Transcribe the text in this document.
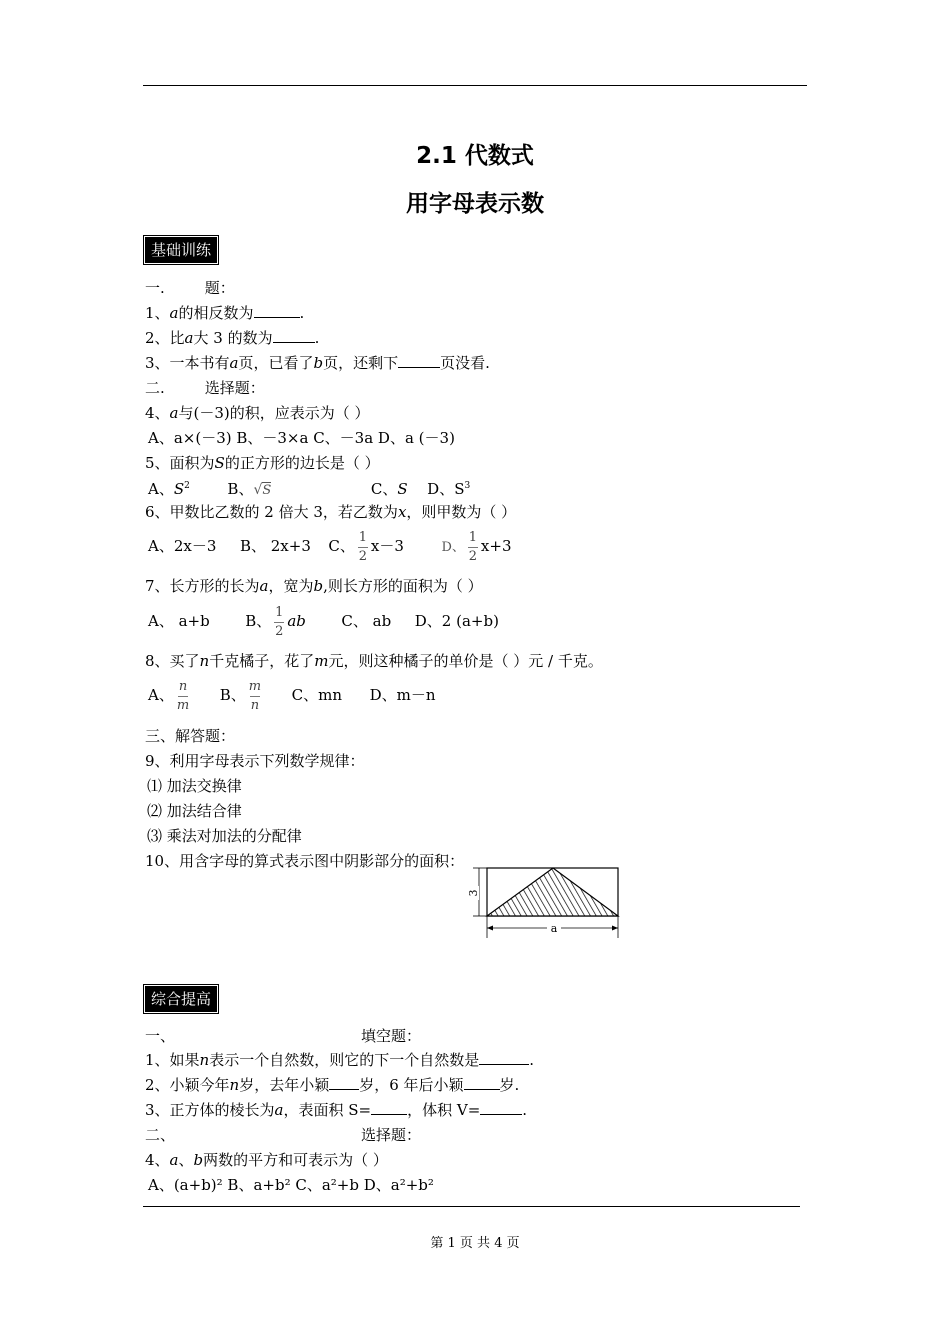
2.1 代数式
用字母表示数
基础训练
一.	题：
1、a的相反数为	.
2、比a大 3 的数为	.
3、一本书有a页，已看了b页，还剩下	页没看.
二.	选择题：
4、a与(－3)的积，应表示为（ ）
A、a×(－3) B、－3×a C、－3a D、a (－3)
5、面积为S的正方形的边长是（ ）
A、$S^2$	B、√S	C、S D、$S^3$
6、甲数比乙数的 2 倍大 3，若乙数为x，则甲数为（ ）
A、2x－3 B、 2x+3 C、 $\frac{1}{2} x-3$	D、 $\frac{1}{2} x+3$
7、长方形的长为a，宽为b,则长方形的面积为（ ）
A、 a+b B、 $\frac{1}{2}$ ab C、 ab D、2 (a+b)
8、买了n千克橘子，花了m元，则这种橘子的单价是（ ）元 / 千克。
A、 $\frac{n}{m}$ B、 $\frac{m}{n}$ C、mn D、m－n
三、解答题：
9、利用字母表示下列数学规律：
⑴ 加法交换律
⑵ 加法结合律
⑶ 乘法对加法的分配律
10、用含字母的算式表示图中阴影部分的面积：
3
a
综合提高
一、	填空题：
1、如果n表示一个自然数，则它的下一个自然数是	.
2、小颖今年n岁，去年小颖 岁，6 年后小颖 岁.
3、正方体的棱长为a，表面积 S= ，体积 V=	.
二、	选择题：
4、a、b两数的平方和可表示为（ ）
A、(a+b)² B、a+b² C、a²+b D、a²+b²
第 1 页 共 4 页
